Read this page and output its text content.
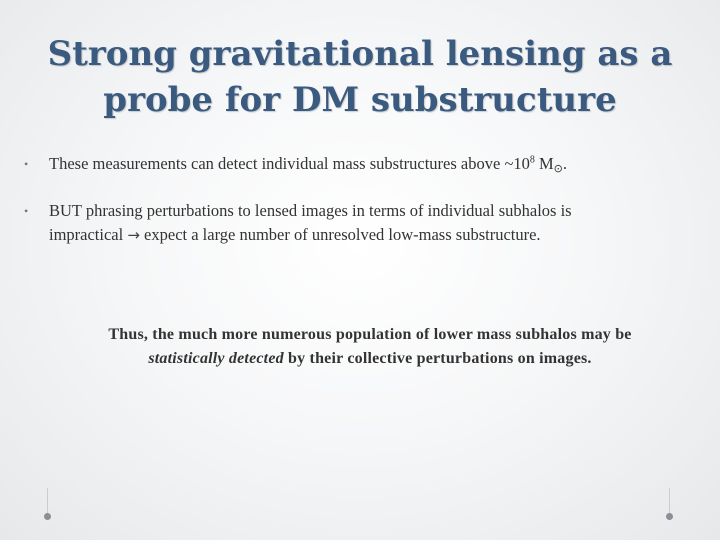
Strong gravitational lensing as a
probe for DM substructure
• These measurements can detect individual mass substructures above $\sim 10^8$ M⊙.
• BUT phrasing perturbations to lensed images in terms of individual subhalos is
impractical → expect a large number of unresolved low-mass substructure.
Thus, the much more numerous population of lower mass subhalos may be
statistically detected by their collective perturbations on images.
